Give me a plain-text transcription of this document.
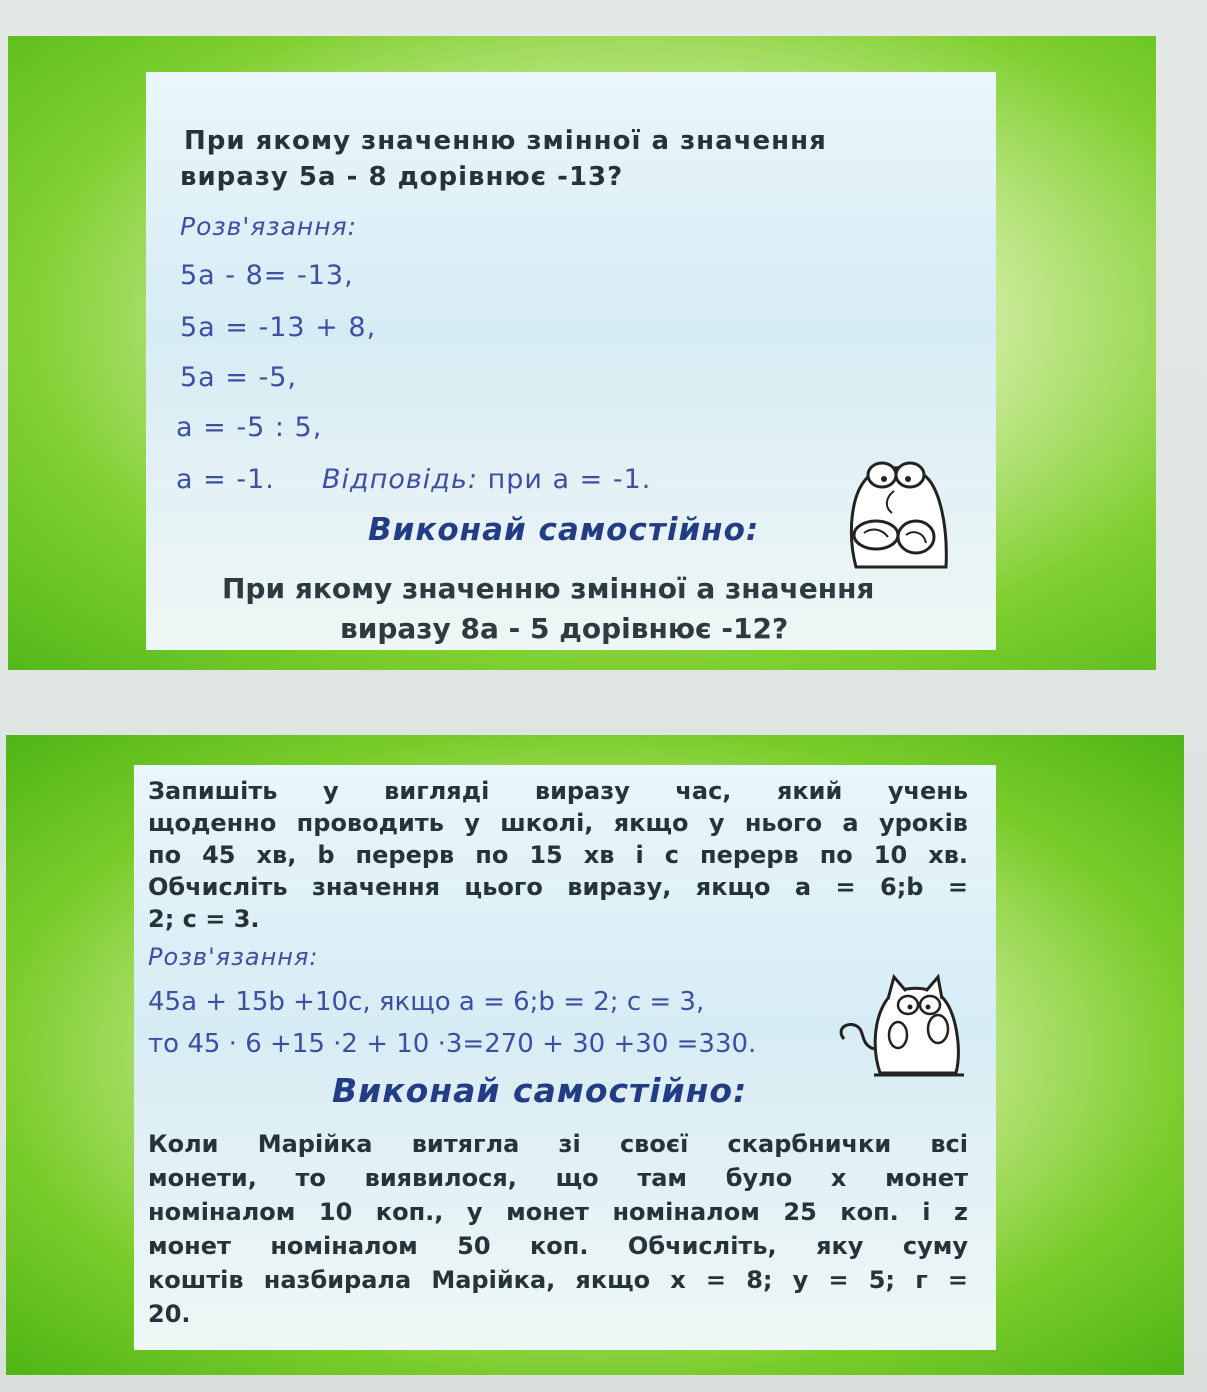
При якому значенню змінної а значення
виразу 5а - 8 дорівнює -13?
Розв'язання:
5а - 8= -13,
5а = -13 + 8,
5а = -5,
а = -5 : 5,
а = -1. Відповідь: при а = -1.
Виконай самостійно:
При якому значенню змінної а значення
виразу 8а - 5 дорівнює -12?
Запишіть у вигляді виразу час, який учень
щоденно проводить у школі, якщо у нього а уроків
по 45 хв, b перерв по 15 хв і с перерв по 10 хв.
Обчисліть значення цього виразу, якщо а = 6;b =
2; с = 3.
Розв'язання:
45а + 15b +10с, якщо а = 6;b = 2; с = 3,
то 45 · 6 +15 ·2 + 10 ·3=270 + 30 +30 =330.
Виконай самостійно:
Коли Марійка витягла зі своєї скарбнички всі
монети, то виявилося, що там було х монет
номіналом 10 коп., у монет номіналом 25 коп. і z
монет номіналом 50 коп. Обчисліть, яку суму
коштів назбирала Марійка, якщо х = 8; у = 5; г =
20.
